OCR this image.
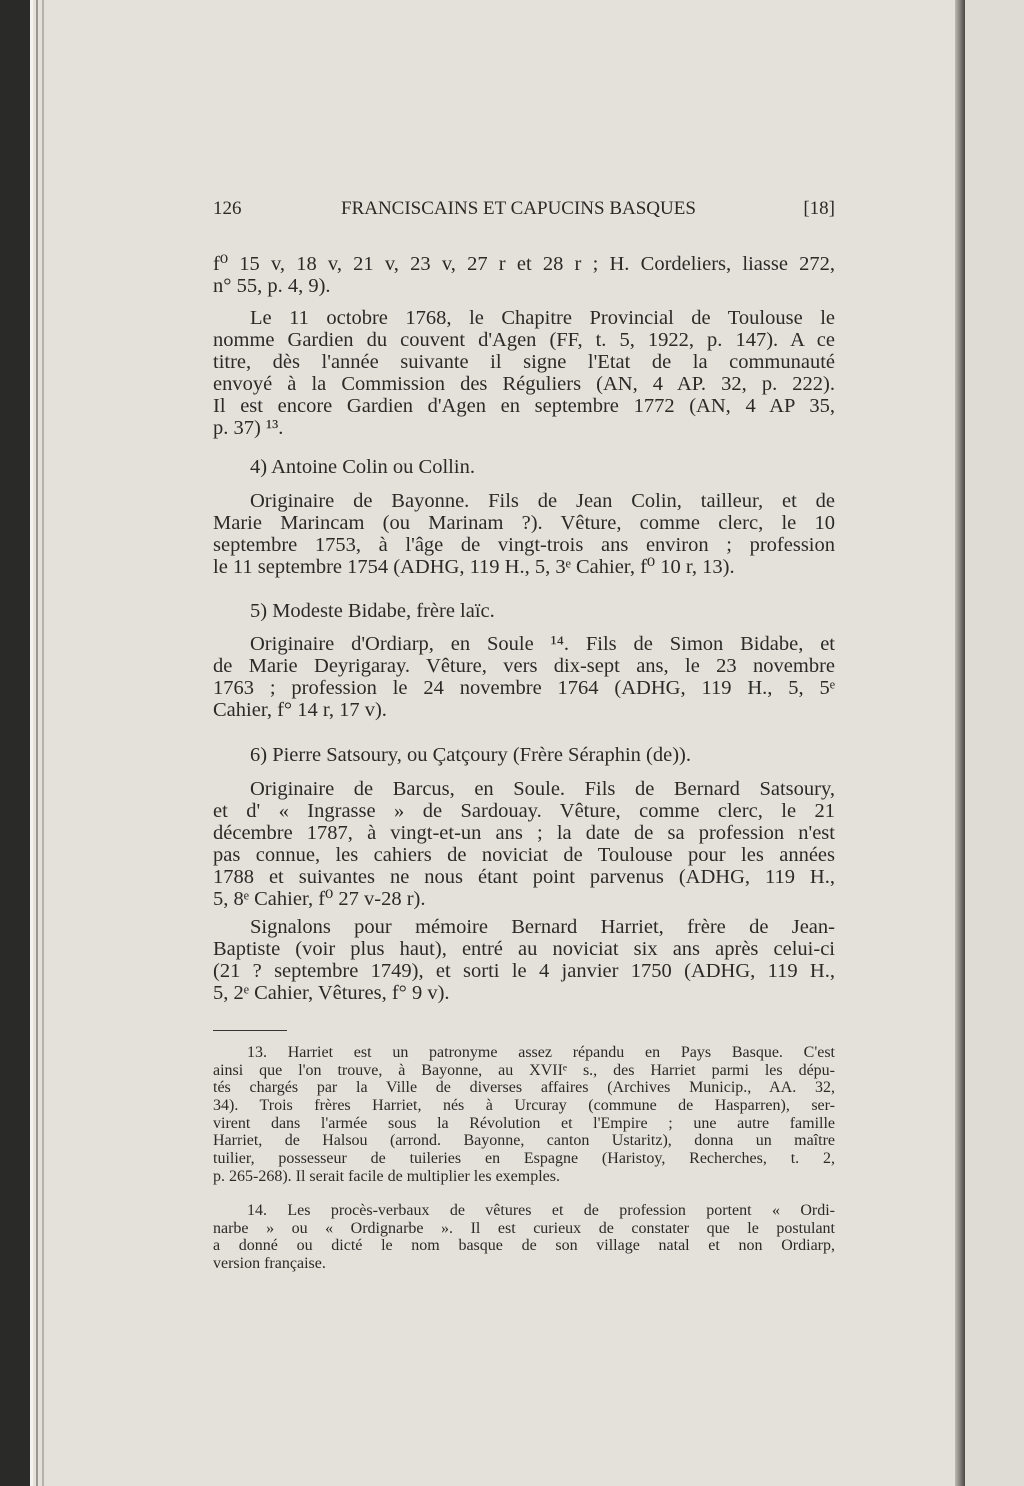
126	FRANCISCAINS ET CAPUCINS BASQUES	[18]
f⁰ 15 v, 18 v, 21 v, 23 v, 27 r et 28 r ; H. Cordeliers, liasse 272,
n° 55, p. 4, 9).
Le 11 octobre 1768, le Chapitre Provincial de Toulouse le
nomme Gardien du couvent d'Agen (FF, t. 5, 1922, p. 147). A ce
titre, dès l'année suivante il signe l'Etat de la communauté
envoyé à la Commission des Réguliers (AN, 4 AP. 32, p. 222).
Il est encore Gardien d'Agen en septembre 1772 (AN, 4 AP 35,
p. 37) ¹³.
4) Antoine Colin ou Collin.
Originaire de Bayonne. Fils de Jean Colin, tailleur, et de
Marie Marincam (ou Marinam ?). Vêture, comme clerc, le 10
septembre 1753, à l'âge de vingt-trois ans environ ; profession
le 11 septembre 1754 (ADHG, 119 H., 5, 3ᵉ Cahier, f⁰ 10 r, 13).
5) Modeste Bidabe, frère laïc.
Originaire d'Ordiarp, en Soule ¹⁴. Fils de Simon Bidabe, et
de Marie Deyrigaray. Vêture, vers dix-sept ans, le 23 novembre
1763 ; profession le 24 novembre 1764 (ADHG, 119 H., 5, 5ᵉ
Cahier, f° 14 r, 17 v).
6) Pierre Satsoury, ou Çatçoury (Frère Séraphin (de)).
Originaire de Barcus, en Soule. Fils de Bernard Satsoury,
et d' « Ingrasse » de Sardouay. Vêture, comme clerc, le 21
décembre 1787, à vingt-et-un ans ; la date de sa profession n'est
pas connue, les cahiers de noviciat de Toulouse pour les années
1788 et suivantes ne nous étant point parvenus (ADHG, 119 H.,
5, 8ᵉ Cahier, f⁰ 27 v-28 r).
Signalons pour mémoire Bernard Harriet, frère de Jean-
Baptiste (voir plus haut), entré au noviciat six ans après celui-ci
(21 ? septembre 1749), et sorti le 4 janvier 1750 (ADHG, 119 H.,
5, 2ᵉ Cahier, Vêtures, f° 9 v).
13. Harriet est un patronyme assez répandu en Pays Basque. C'est
ainsi que l'on trouve, à Bayonne, au XVIIᵉ s., des Harriet parmi les dépu-
tés chargés par la Ville de diverses affaires (Archives Municip., AA. 32,
34). Trois frères Harriet, nés à Urcuray (commune de Hasparren), ser-
virent dans l'armée sous la Révolution et l'Empire ; une autre famille
Harriet, de Halsou (arrond. Bayonne, canton Ustaritz), donna un maître
tuilier, possesseur de tuileries en Espagne (Haristoy, Recherches, t. 2,
p. 265-268). Il serait facile de multiplier les exemples.
14. Les procès-verbaux de vêtures et de profession portent « Ordi-
narbe » ou « Ordignarbe ». Il est curieux de constater que le postulant
a donné ou dicté le nom basque de son village natal et non Ordiarp,
version française.
